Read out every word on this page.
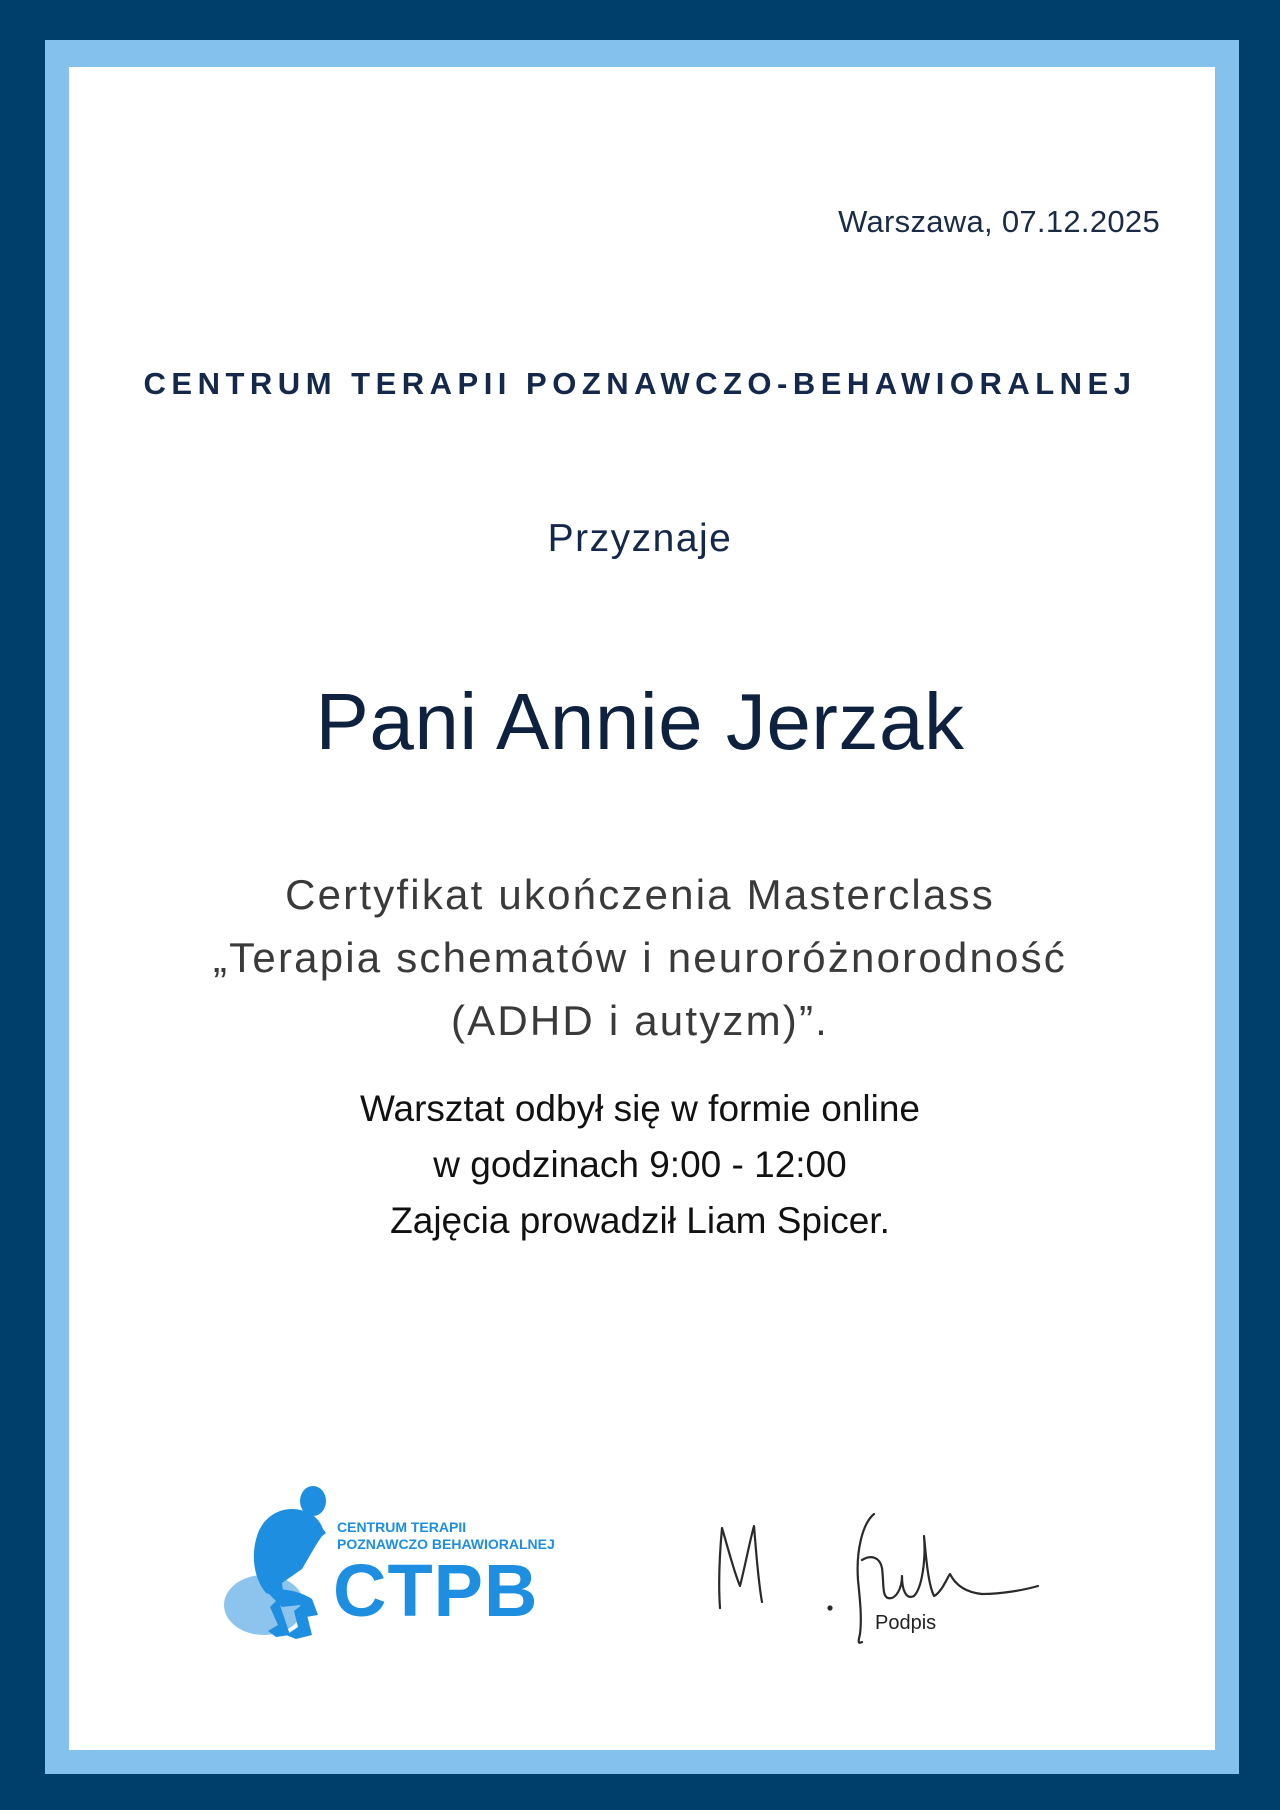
Warszawa, 07.12.2025
CENTRUM TERAPII POZNAWCZO-BEHAWIORALNEJ
Przyznaje
Pani Annie Jerzak
Certyfikat ukończenia Masterclass
„Terapia schematów i neuroróżnorodność
(ADHD i autyzm)”.
Warsztat odbył się w formie online
w godzinach 9:00 - 12:00
Zajęcia prowadził Liam Spicer.
CENTRUM TERAPII
POZNAWCZO BEHAWIORALNEJ
CTPB	Podpis
